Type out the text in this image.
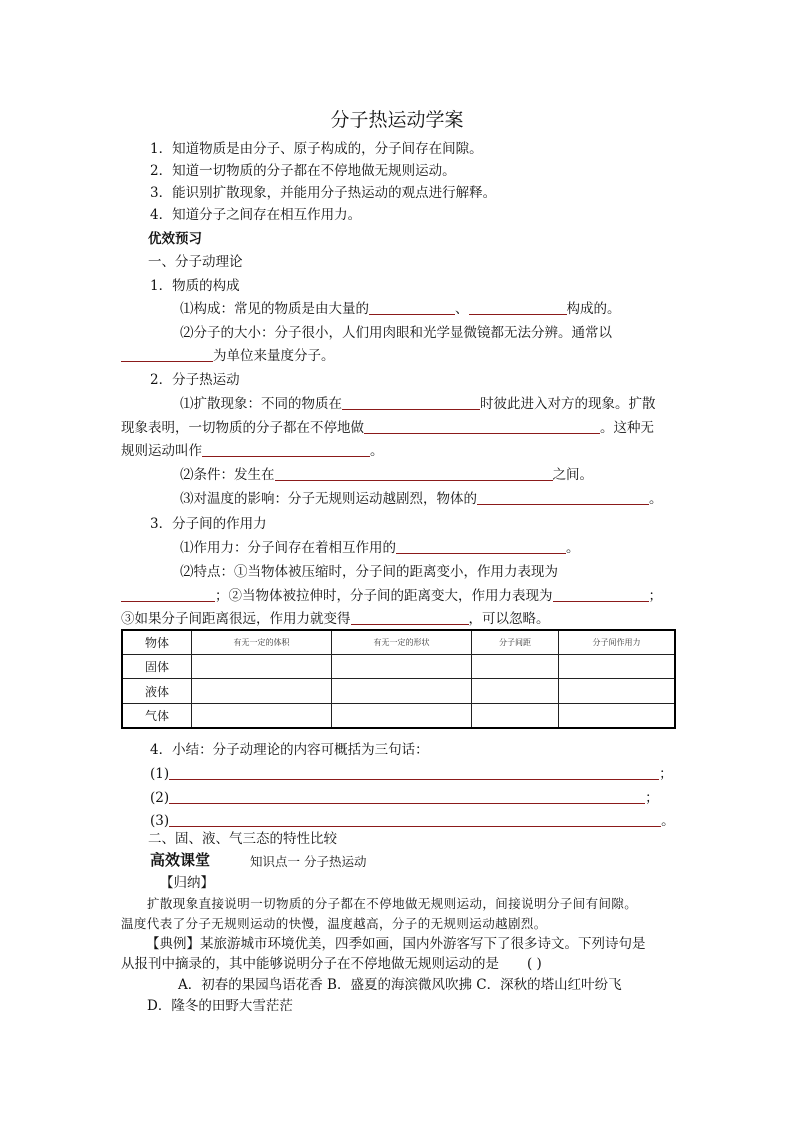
分子热运动学案
1．知道物质是由分子、原子构成的，分子间存在间隙。
2．知道一切物质的分子都在不停地做无规则运动。
3．能识别扩散现象，并能用分子热运动的观点进行解释。
4．知道分子之间存在相互作用力。
优效预习
一、分子动理论
1．物质的构成
⑴构成：常见的物质是由大量的	、	构成的。
⑵分子的大小：分子很小，人们用肉眼和光学显微镜都无法分辨。通常以
为单位来量度分子。
2．分子热运动
⑴扩散现象：不同的物质在	时彼此进入对方的现象。扩散
现象表明，一切物质的分子都在不停地做	。这种无
规则运动叫作	。
⑵条件：发生在	之间。
⑶对温度的影响：分子无规则运动越剧烈，物体的	。
3．分子间的作用力
⑴作用力：分子间存在着相互作用的	。
⑵特点：①当物体被压缩时，分子间的距离变小，作用力表现为
；②当物体被拉伸时，分子间的距离变大，作用力表现为	；
③如果分子间距离很远，作用力就变得	，可以忽略。
物体	有无一定的体积	有无一定的形状	分子间距	分子间作用力
固体				
液体				
气体				
4．小结：分子动理论的内容可概括为三句话：
(1)	；
(2)	；
(3)	。
二、固、液、气三态的特性比较
高效课堂	知识点一 分子热运动
【归纳】
扩散现象直接说明一切物质的分子都在不停地做无规则运动，间接说明分子间有间隙。
温度代表了分子无规则运动的快慢，温度越高，分子的无规则运动越剧烈。
【典例】某旅游城市环境优美，四季如画，国内外游客写下了很多诗文。下列诗句是
从报刊中摘录的，其中能够说明分子在不停地做无规则运动的是 ( )
A．初春的果园鸟语花香 B．盛夏的海滨微风吹拂 C．深秋的塔山红叶纷飞
D．隆冬的田野大雪茫茫
